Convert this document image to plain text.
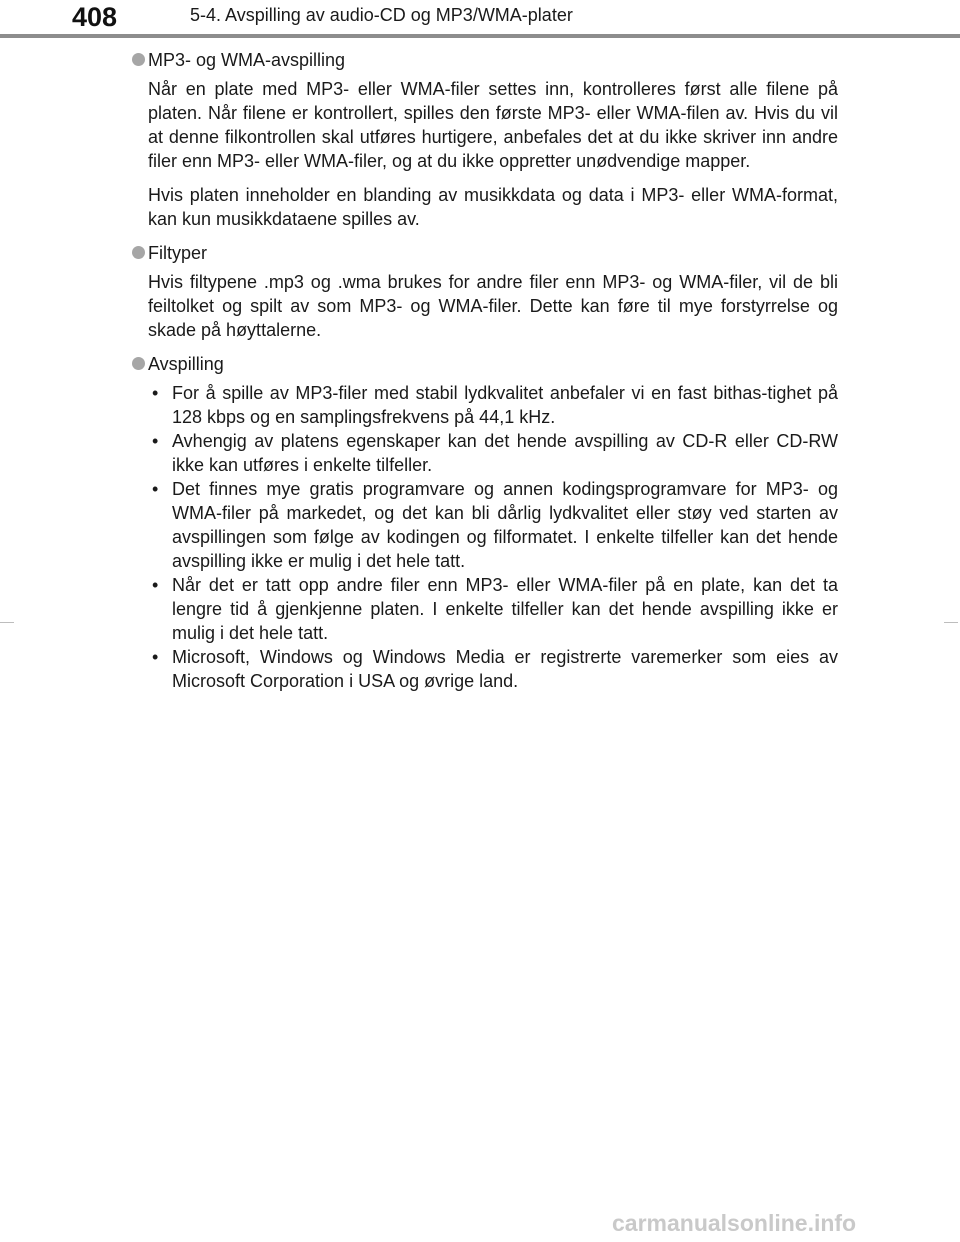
408	5-4. Avspilling av audio-CD og MP3/WMA-plater
MP3- og WMA-avspilling

Når en plate med MP3- eller WMA-filer settes inn, kontrolleres først alle filene på platen. Når filene er kontrollert, spilles den første MP3- eller WMA-filen av. Hvis du vil at denne filkontrollen skal utføres hurtigere, anbefales det at du ikke skriver inn andre filer enn MP3- eller WMA-filer, og at du ikke oppretter unødvendige mapper.

Hvis platen inneholder en blanding av musikkdata og data i MP3- eller WMA-format, kan kun musikkdataene spilles av.

Filtyper

Hvis filtypene .mp3 og .wma brukes for andre filer enn MP3- og WMA-filer, vil de bli feiltolket og spilt av som MP3- og WMA-filer. Dette kan føre til mye forstyrrelse og skade på høyttalerne.

Avspilling
• For å spille av MP3-filer med stabil lydkvalitet anbefaler vi en fast bithas-tighet på 128 kbps og en samplingsfrekvens på 44,1 kHz.
• Avhengig av platens egenskaper kan det hende avspilling av CD-R eller CD-RW ikke kan utføres i enkelte tilfeller.
• Det finnes mye gratis programvare og annen kodingsprogramvare for MP3- og WMA-filer på markedet, og det kan bli dårlig lydkvalitet eller støy ved starten av avspillingen som følge av kodingen og filformatet. I enkelte tilfeller kan det hende avspilling ikke er mulig i det hele tatt.
• Når det er tatt opp andre filer enn MP3- eller WMA-filer på en plate, kan det ta lengre tid å gjenkjenne platen. I enkelte tilfeller kan det hende avspilling ikke er mulig i det hele tatt.
• Microsoft, Windows og Windows Media er registrerte varemerker som eies av Microsoft Corporation i USA og øvrige land.
carmanualsonline.info
